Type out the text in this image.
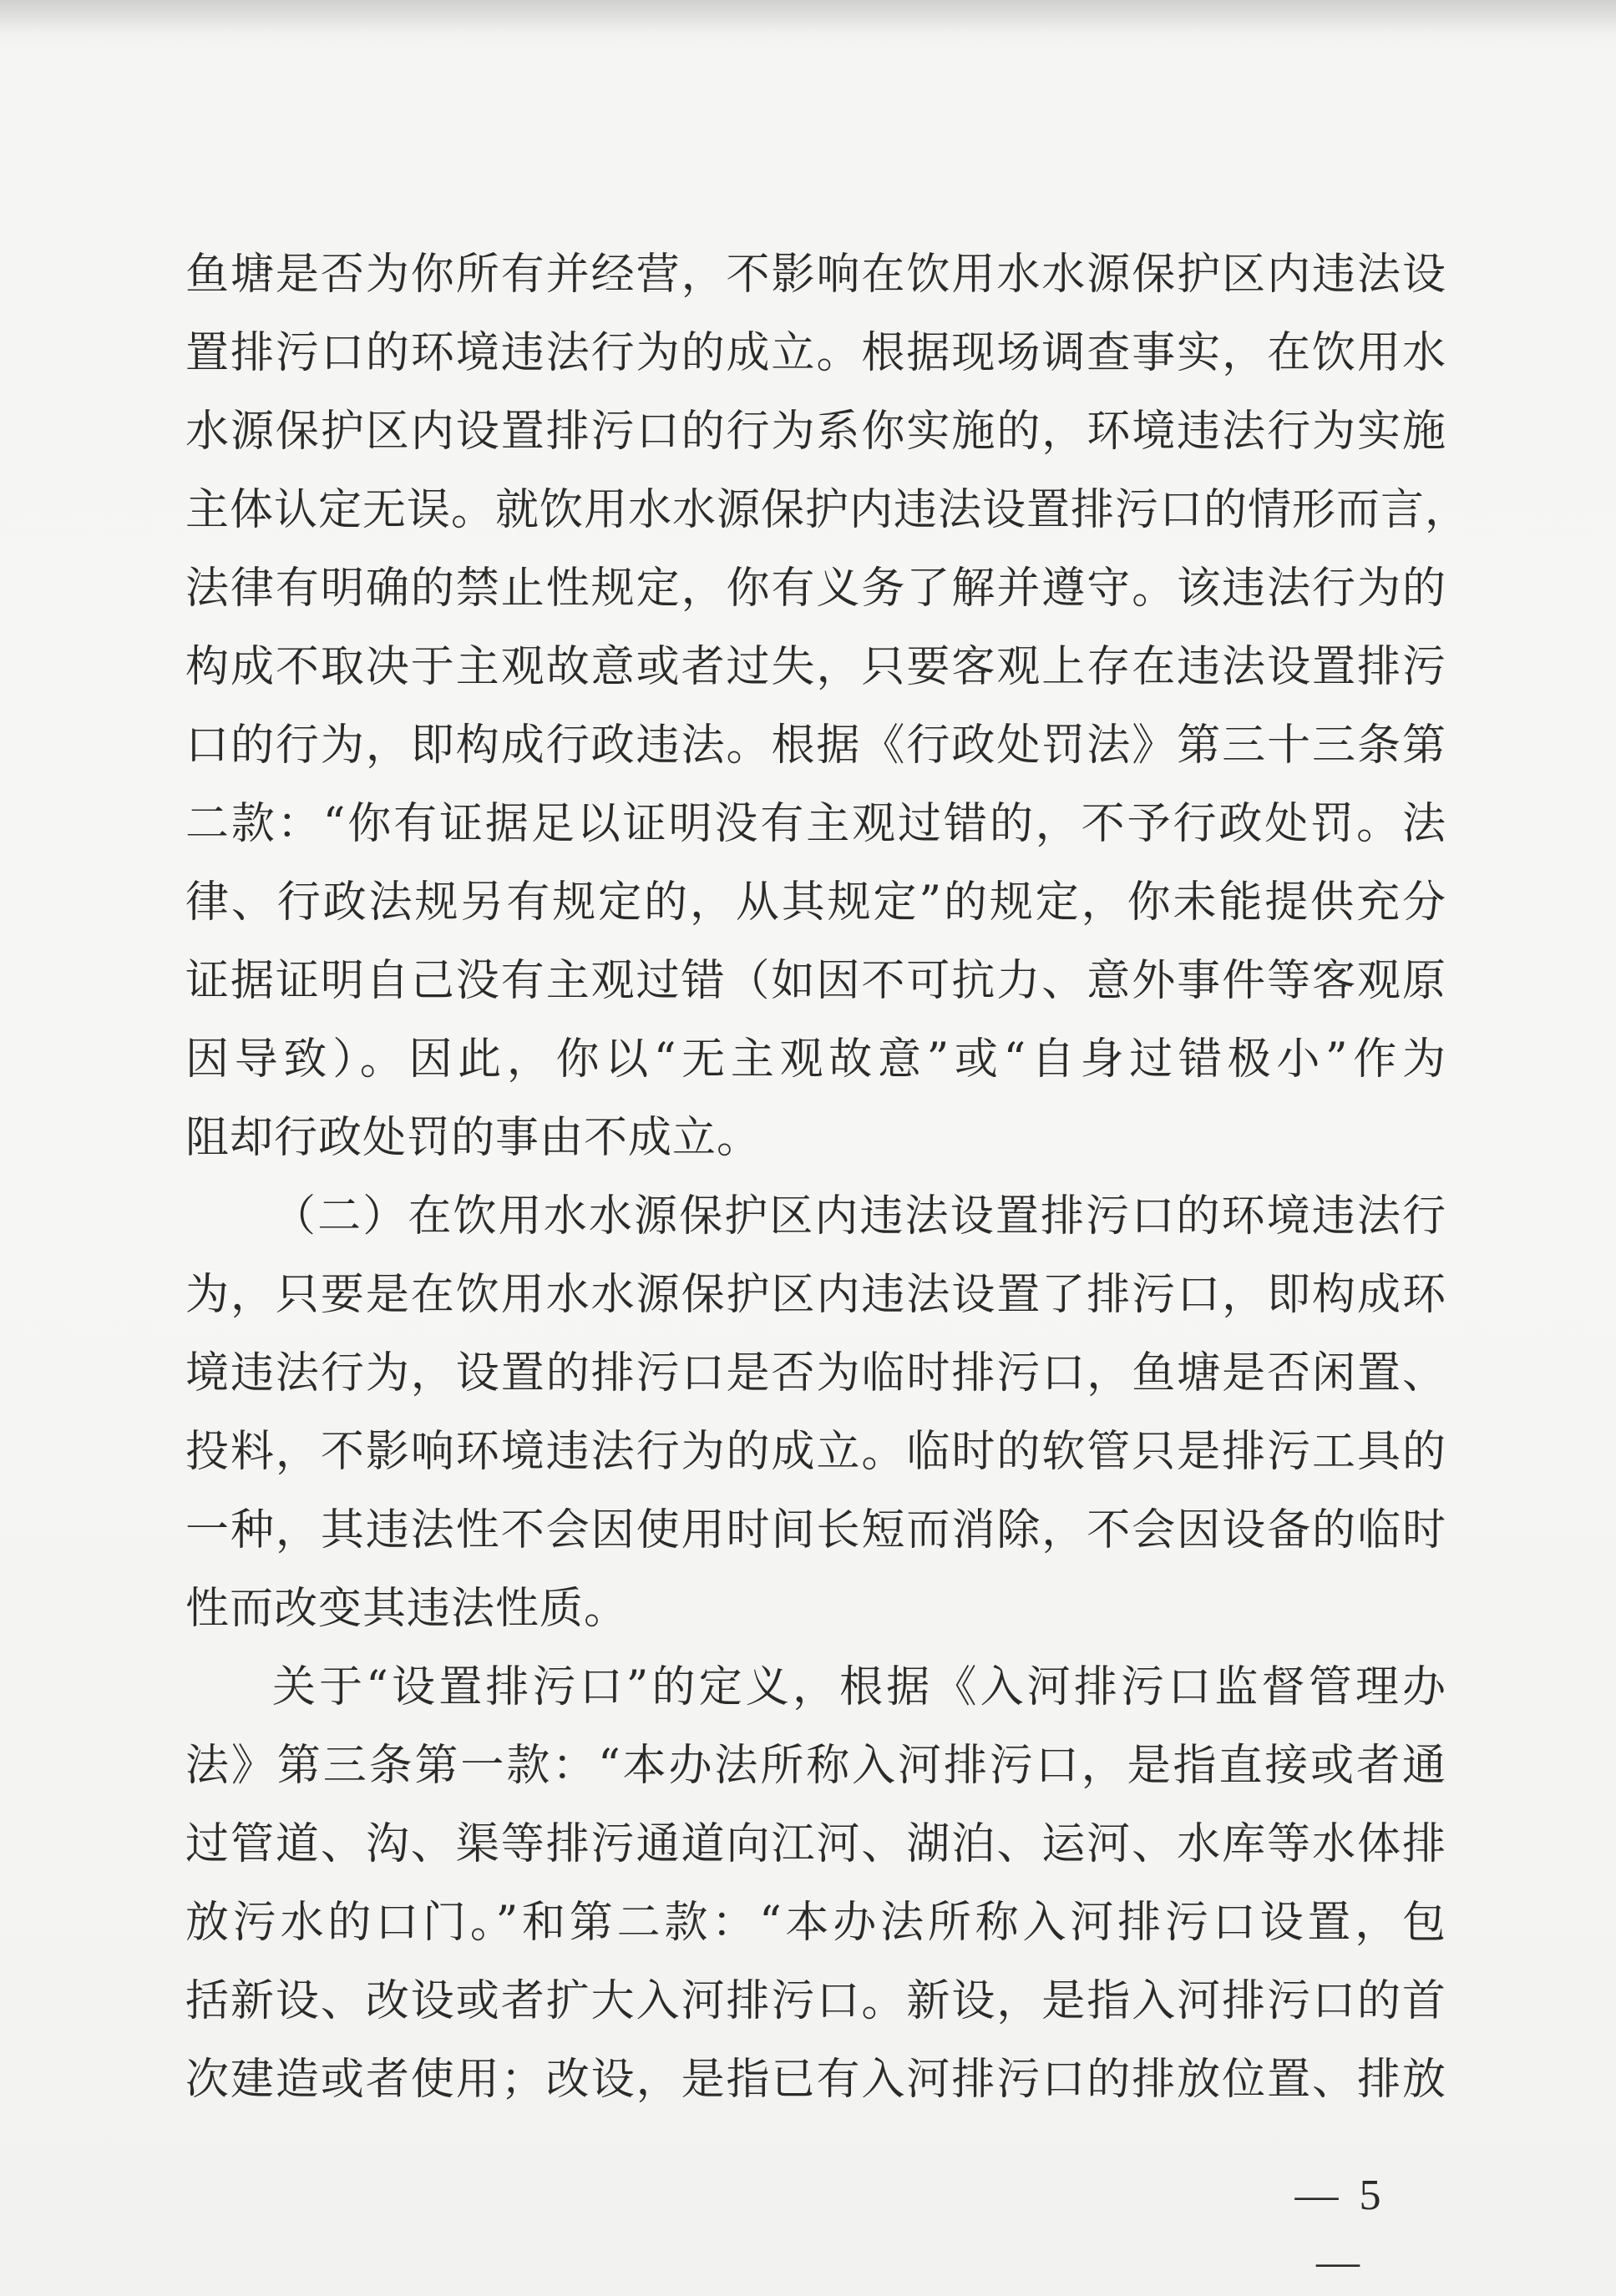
鱼塘是否为你所有并经营，不影响在饮用水水源保护区内违法设

置排污口的环境违法行为的成立。根据现场调查事实，在饮用水

水源保护区内设置排污口的行为系你实施的，环境违法行为实施

主体认定无误。就饮用水水源保护内违法设置排污口的情形而言，

法律有明确的禁止性规定，你有义务了解并遵守。该违法行为的

构成不取决于主观故意或者过失，只要客观上存在违法设置排污

口的行为，即构成行政违法。根据《行政处罚法》第三十三条第

二款：“你有证据足以证明没有主观过错的，不予行政处罚。法

律、行政法规另有规定的，从其规定”的规定，你未能提供充分

证据证明自己没有主观过错（如因不可抗力、意外事件等客观原

因导致）。因此，你以“无主观故意”或“自身过错极小”作为

阻却行政处罚的事由不成立。

（二）在饮用水水源保护区内违法设置排污口的环境违法行

为，只要是在饮用水水源保护区内违法设置了排污口，即构成环

境违法行为，设置的排污口是否为临时排污口，鱼塘是否闲置、

投料，不影响环境违法行为的成立。临时的软管只是排污工具的

一种，其违法性不会因使用时间长短而消除，不会因设备的临时

性而改变其违法性质。

关于“设置排污口”的定义，根据《入河排污口监督管理办

法》第三条第一款：“本办法所称入河排污口，是指直接或者通

过管道、沟、渠等排污通道向江河、湖泊、运河、水库等水体排

放污水的口门。”和第二款：“本办法所称入河排污口设置，包

括新设、改设或者扩大入河排污口。新设，是指入河排污口的首

次建造或者使用；改设，是指已有入河排污口的排放位置、排放

— 5 —
